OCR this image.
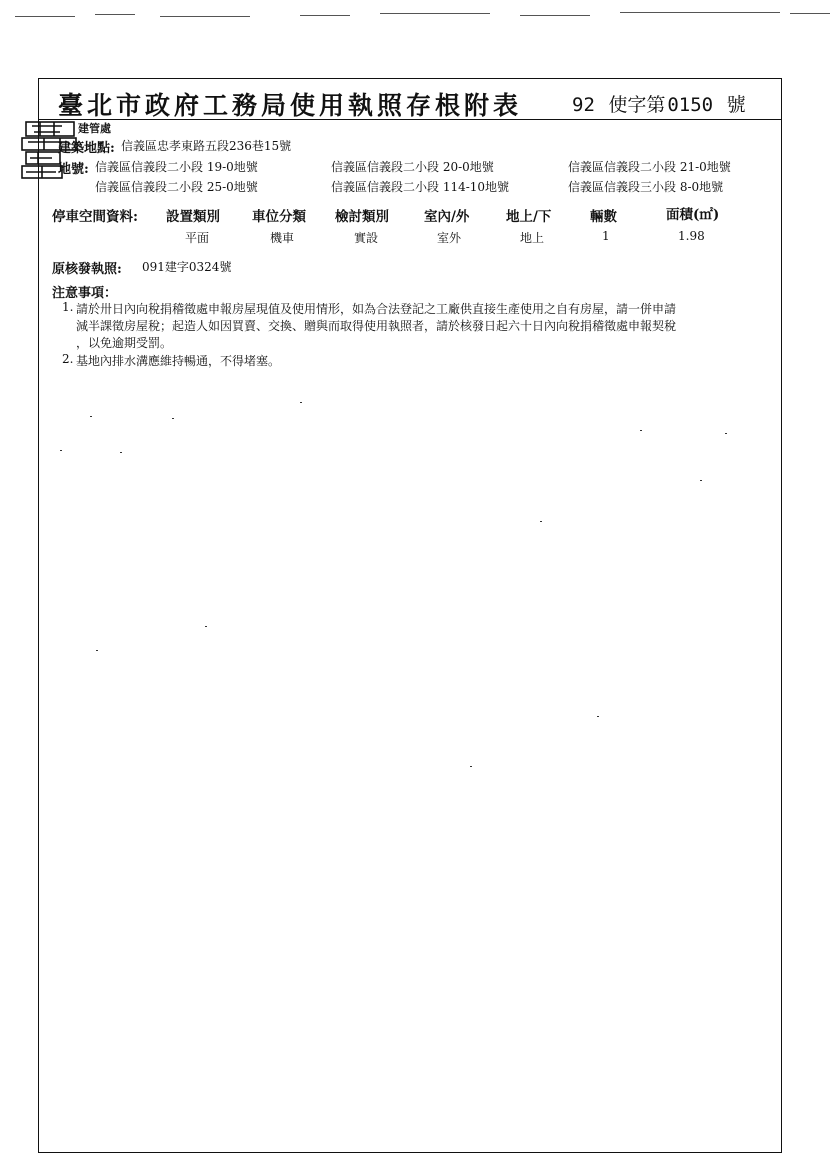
臺北市政府工務局使用執照存根附表	92 使字第 0150 號
建管處
建築地點: 信義區忠孝東路五段236巷15號
地號: 信義區信義段二小段 19-0地號	信義區信義段二小段 20-0地號	信義區信義段二小段 21-0地號
信義區信義段二小段 25-0地號	信義區信義段二小段 114-10地號	信義區信義段三小段 8-0地號
停車空間資料: 設置類別 車位分類 檢討類別	室內/外	地上/下	輛數	面積(㎡)
平面	機車	實設	室外	地上	1	1.98
原核發執照: 091建字0324號
注意事項：
1. 請於卅日內向稅捐稽徵處申報房屋現值及使用情形，如為合法登記之工廠供直接生產使用之自有房屋，請一併申請
減半課徵房屋稅；起造人如因買賣、交換、贈與而取得使用執照者，請於核發日起六十日內向稅捐稽徵處申報契稅
，以免逾期受罰。
2. 基地內排水溝應維持暢通，不得堵塞。
